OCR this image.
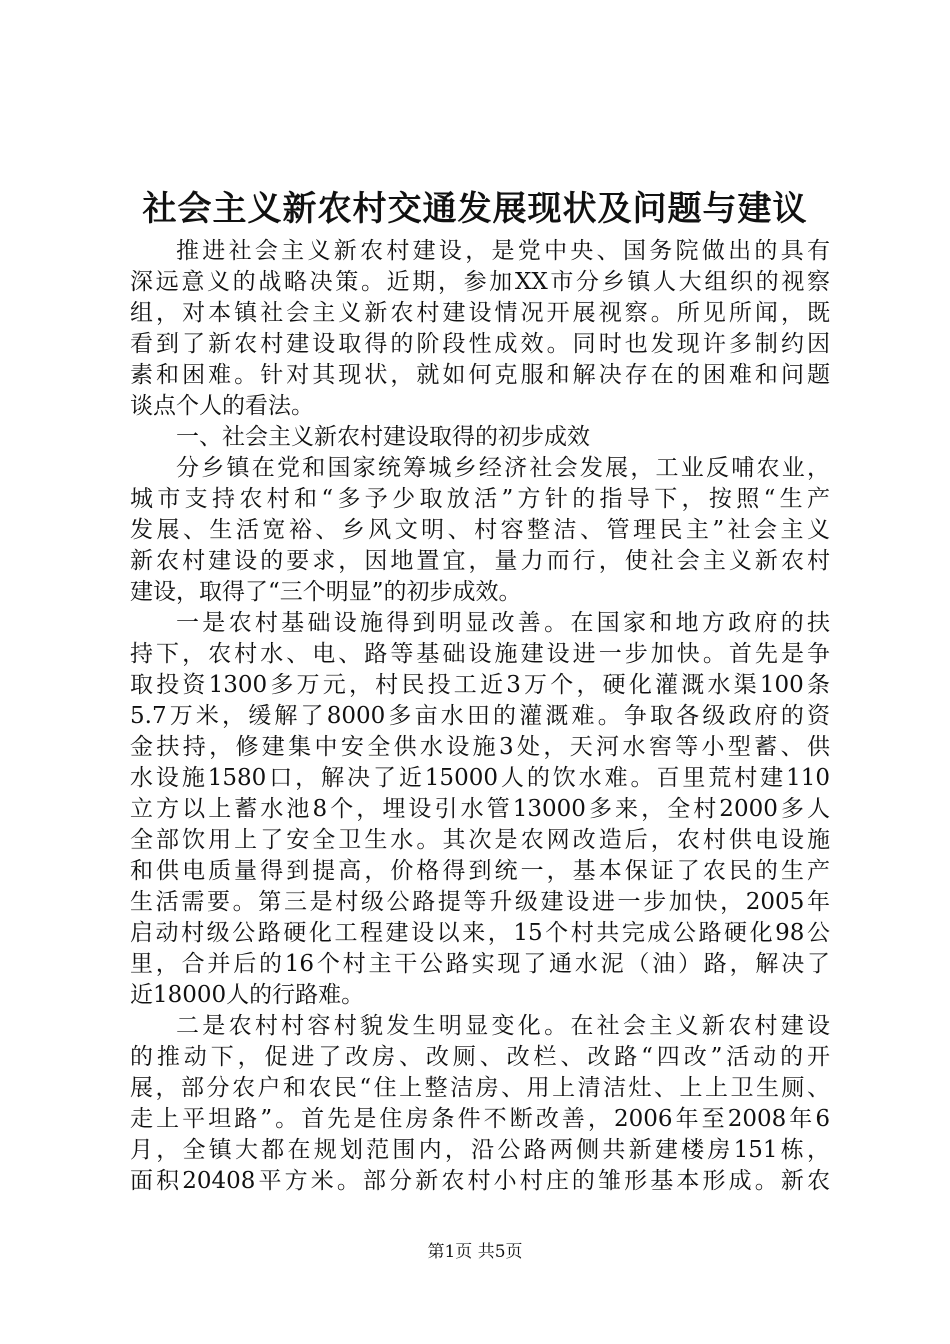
社会主义新农村交通发展现状及问题与建议
推进社会主义新农村建设，是党中央、国务院做出的具有
深远意义的战略决策。近期，参加XX市分乡镇人大组织的视察
组，对本镇社会主义新农村建设情况开展视察。所见所闻，既
看到了新农村建设取得的阶段性成效。同时也发现许多制约因
素和困难。针对其现状，就如何克服和解决存在的困难和问题
谈点个人的看法。
一、社会主义新农村建设取得的初步成效
分乡镇在党和国家统筹城乡经济社会发展，工业反哺农业，
城市支持农村和“多予少取放活”方针的指导下，按照“生产
发展、生活宽裕、乡风文明、村容整洁、管理民主”社会主义
新农村建设的要求，因地置宜，量力而行，使社会主义新农村
建设，取得了“三个明显”的初步成效。
一是农村基础设施得到明显改善。在国家和地方政府的扶
持下，农村水、电、路等基础设施建设进一步加快。首先是争
取投资1300多万元，村民投工近3万个，硬化灌溉水渠100条
5.7万米，缓解了8000多亩水田的灌溉难。争取各级政府的资
金扶持，修建集中安全供水设施3处，天河水窖等小型蓄、供
水设施1580口，解决了近15000人的饮水难。百里荒村建110
立方以上蓄水池8个，埋设引水管13000多来，全村2000多人
全部饮用上了安全卫生水。其次是农网改造后，农村供电设施
和供电质量得到提高，价格得到统一，基本保证了农民的生产
生活需要。第三是村级公路提等升级建设进一步加快，2005年
启动村级公路硬化工程建设以来，15个村共完成公路硬化98公
里，合并后的16个村主干公路实现了通水泥（油）路，解决了
近18000人的行路难。
二是农村村容村貌发生明显变化。在社会主义新农村建设
的推动下，促进了改房、改厕、改栏、改路“四改”活动的开
展，部分农户和农民“住上整洁房、用上清洁灶、上上卫生厕、
走上平坦路”。首先是住房条件不断改善，2006年至2008年6
月，全镇大都在规划范围内，沿公路两侧共新建楼房151栋，
面积20408平方米。部分新农村小村庄的雏形基本形成。新农
第1页 共5页
